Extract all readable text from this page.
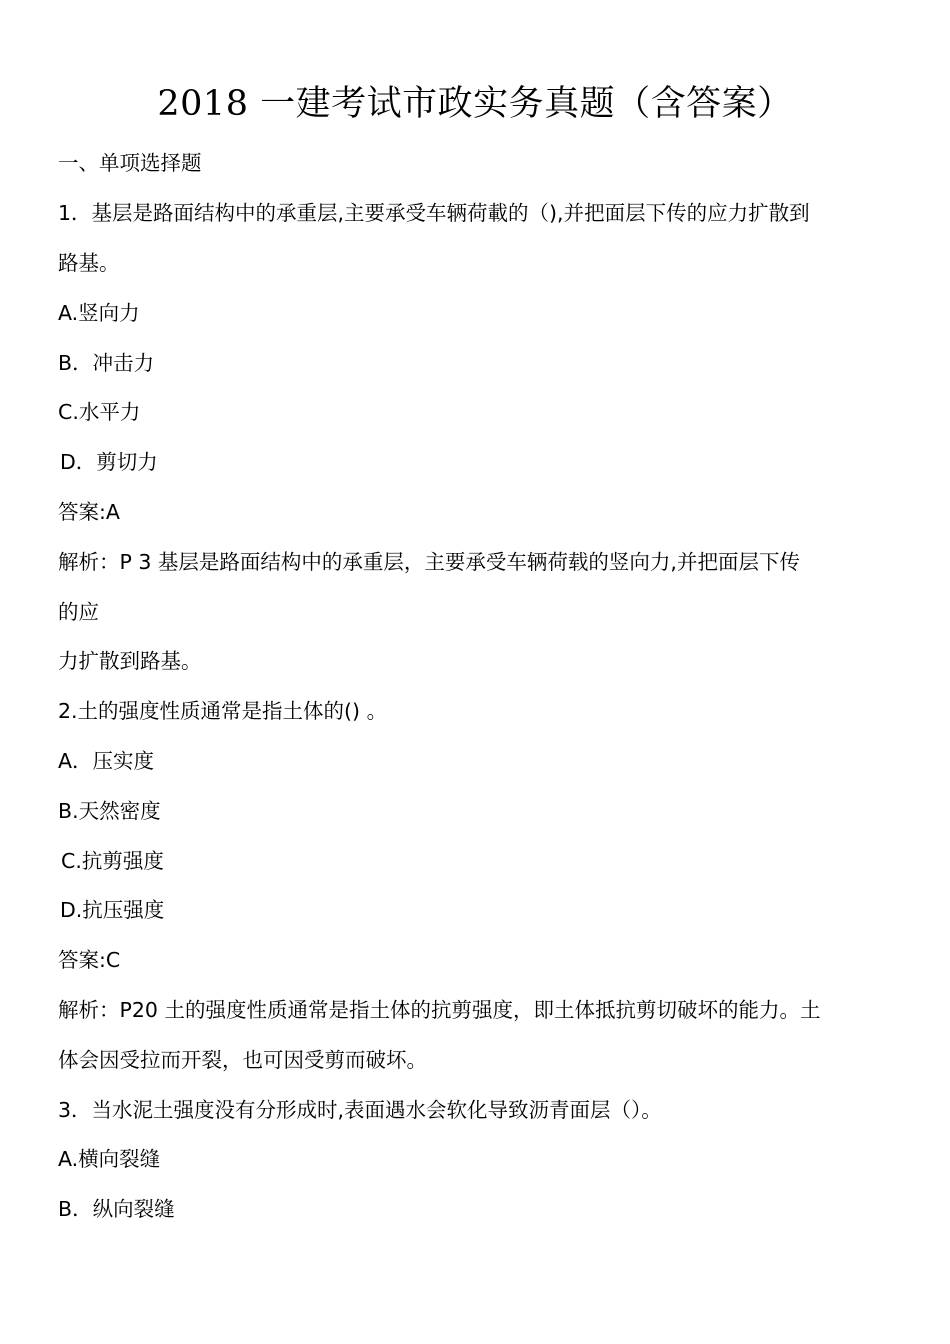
2018 一建考试市政实务真题（含答案）
一、单项选择题
1．基层是路面结构中的承重层,主要承受车辆荷載的（),并把面层下传的应力扩散到
路基。
A.竖向力
B．冲击力
C.水平力
D．剪切力
答案:A
解析：P 3 基层是路面结构中的承重层，主要承受车辆荷载的竖向力,并把面层下传
的应
力扩散到路基。
2.土的强度性质通常是指土体的() 。
A．压实度
B.天然密度
C.抗剪强度
D.抗压强度
答案:C
解析：P20 土的强度性质通常是指土体的抗剪强度，即土体抵抗剪切破坏的能力。土
体会因受拉而开裂，也可因受剪而破坏。
3．当水泥土强度没有分形成时,表面遇水会软化导致沥青面层（）。
A.横向裂缝
B．纵向裂缝
